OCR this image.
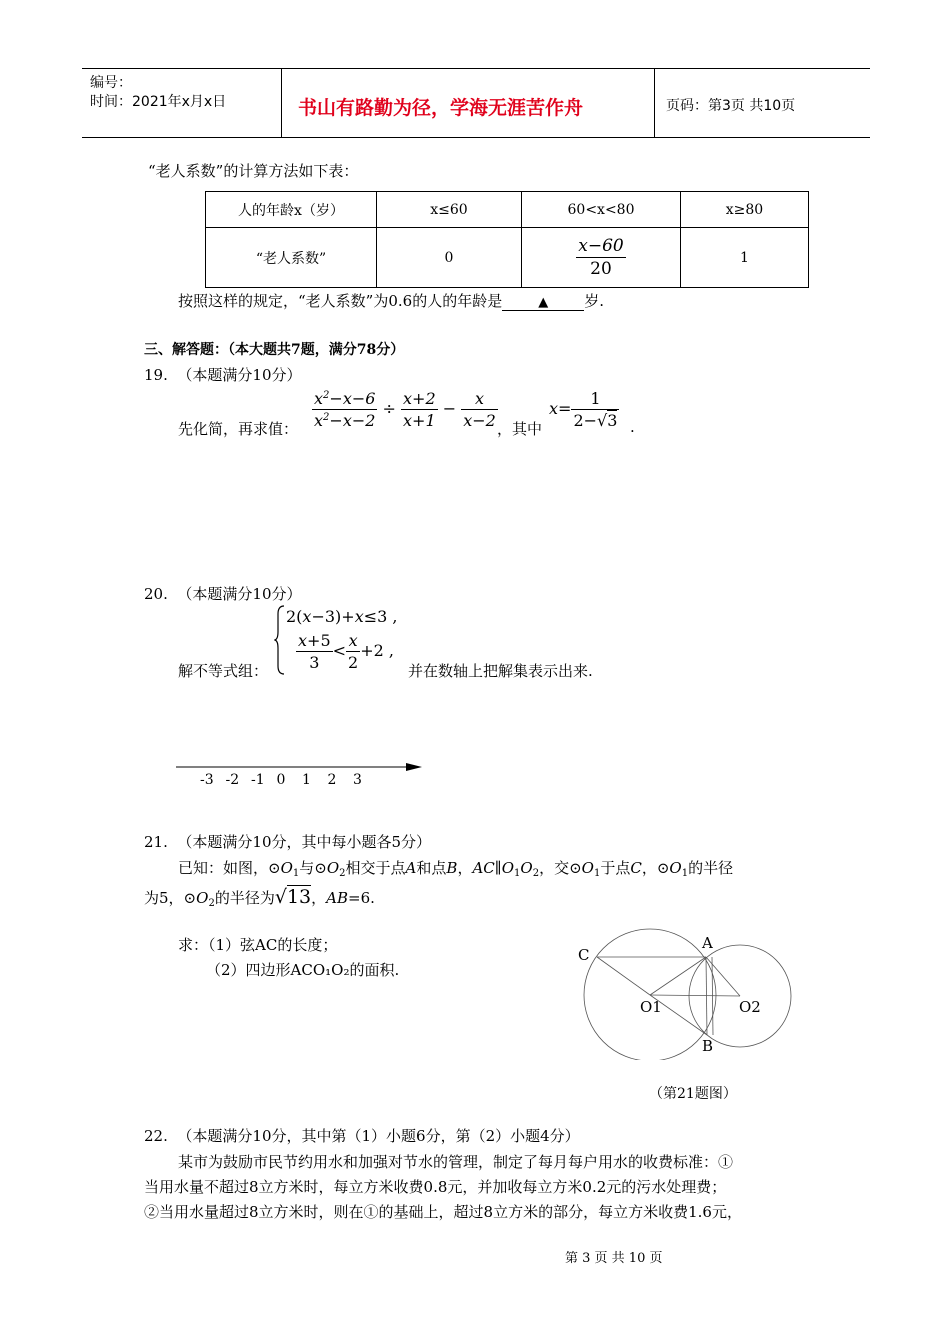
编号：
时间：2021年x月x日	书山有路勤为径，学海无涯苦作舟	页码：第3页 共10页
“老人系数”的计算方法如下表：
人的年龄x（岁）	x≤60	60<x<80	x≥80
“老人系数”	0	$\frac{x-60}{20}$	1
按照这样的规定，“老人系数”为0.6的人的年龄是	▲ 岁.
三、解答题：（本大题共7题，满分78分）
19. （本题满分10分）
先化简，再求值： $\frac{x^2-x-6}{x^2-x-2} \div \frac{x+2}{x+1} - \frac{x}{x-2}$ ，其中
$x= \frac{1}{2-√3}$ .
20. （本题满分10分）
解不等式组：
2(x−3)+x≤3 ,
$\frac{x+5}{3} < \frac{x}{2} +2$ ,
并在数轴上把解集表示出来.
-3 -2 -1 0 1 2 3
21. （本题满分10分，其中每小题各5分）
已知：如图，$⊙O_1$与$⊙O_2$相交于点A和点B，$AC\parallel O_1O_2$，交$⊙O_1$于点C，$⊙O_1$的半径
为5，$⊙O_2$的半径为√13，AB=6.
求：（1）弦AC的长度；
（2）四边形ACO₁O₂的面积.
C
A
O1	O2
B
（第21题图）
22. （本题满分10分，其中第（1）小题6分，第（2）小题4分）
某市为鼓励市民节约用水和加强对节水的管理，制定了每月每户用水的收费标准：①
当用水量不超过8立方米时，每立方米收费0.8元，并加收每立方米0.2元的污水处理费；
②当用水量超过8立方米时，则在①的基础上，超过8立方米的部分，每立方米收费1.6元，
第 3 页 共 10 页
